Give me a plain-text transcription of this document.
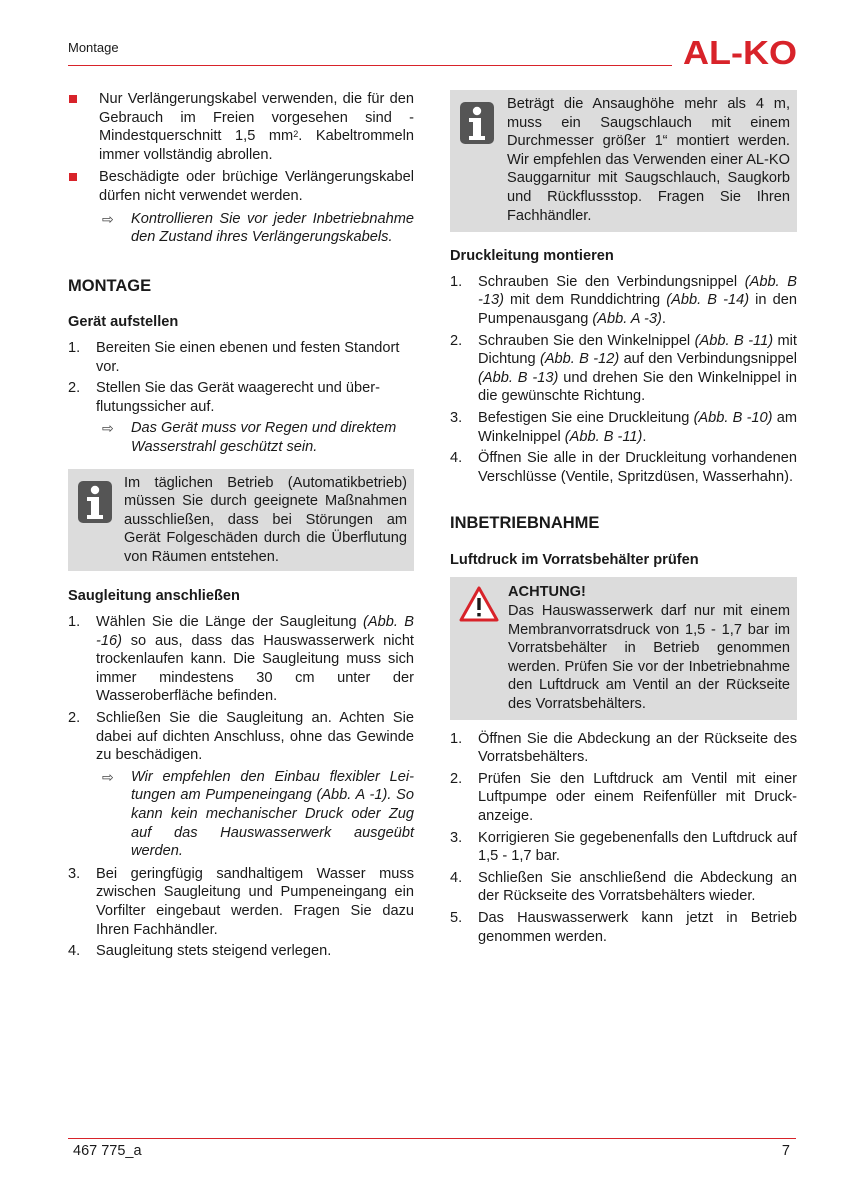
Montage	AL-KO
Nur Verlängerungskabel verwenden, die für den Gebrauch im Freien vorgesehen sind - Mindestquerschnitt 1,5 $mm^2$. Kabeltrommeln immer vollständig abrollen.
Beschädigte oder brüchige Verlängerungskabel dürfen nicht verwendet werden.
⇨ Kontrollieren Sie vor jeder Inbetriebnahme den Zustand ihres Verlängerungskabels.

MONTAGE

Gerät aufstellen

1. Bereiten Sie einen ebenen und festen Standort vor.
2. Stellen Sie das Gerät waagerecht und überflutungssicher auf.
⇨ Das Gerät muss vor Regen und direktem Wasserstrahl geschützt sein.

Im täglichen Betrieb (Automatikbetrieb) müssen Sie durch geeignete Maßnahmen ausschließen, dass bei Störungen am Gerät Folgeschäden durch die Überflutung von Räumen entstehen.

Saugleitung anschließen

1. Wählen Sie die Länge der Saugleitung (Abb. B -16) so aus, dass das Hauswasserwerk nicht trockenlaufen kann. Die Saugleitung muss sich immer mindestens 30 cm unter der Wasseroberfläche befinden.
2. Schließen Sie die Saugleitung an. Achten Sie dabei auf dichten Anschluss, ohne das Gewinde zu beschädigen.
⇨ Wir empfehlen den Einbau flexibler Leitungen am Pumpeneingang (Abb. A -1). So kann kein mechanischer Druck oder Zug auf das Hauswasserwerk ausgeübt werden.
3. Bei geringfügig sandhaltigem Wasser muss zwischen Saugleitung und Pumpeneingang ein Vorfilter eingebaut werden. Fragen Sie dazu Ihren Fachhändler.
4. Saugleitung stets steigend verlegen.

Beträgt die Ansaughöhe mehr als 4 m, muss ein Saugschlauch mit einem Durchmesser größer 1“ montiert werden. Wir empfehlen das Verwenden einer AL-KO Sauggarnitur mit Saugschlauch, Saugkorb und Rückflussstop. Fragen Sie Ihren Fachhändler.

Druckleitung montieren

1. Schrauben Sie den Verbindungsnippel (Abb. B -13) mit dem Runddichtring (Abb. B -14) in den Pumpenausgang (Abb. A -3).
2. Schrauben Sie den Winkelnippel (Abb. B -11) mit Dichtung (Abb. B -12) auf den Verbindungsnippel (Abb. B -13) und drehen Sie den Winkelnippel in die gewünschte Richtung.
3. Befestigen Sie eine Druckleitung (Abb. B -10) am Winkelnippel (Abb. B -11).
4. Öffnen Sie alle in der Druckleitung vorhandenen Verschlüsse (Ventile, Spritzdüsen, Wasserhahn).

INBETRIEBNAHME

Luftdruck im Vorratsbehälter prüfen

ACHTUNG!

Das Hauswasserwerk darf nur mit einem Membranvorratsdruck von 1,5 - 1,7 bar im Vorratsbehälter in Betrieb genommen werden. Prüfen Sie vor der Inbetriebnahme den Luftdruck am Ventil an der Rückseite des Vorratsbehälters.

1. Öffnen Sie die Abdeckung an der Rückseite des Vorratsbehälters.
2. Prüfen Sie den Luftdruck am Ventil mit einer Luftpumpe oder einem Reifenfüller mit Druckanzeige.
3. Korrigieren Sie gegebenenfalls den Luftdruck auf 1,5 - 1,7 bar.
4. Schließen Sie anschließend die Abdeckung an der Rückseite des Vorratsbehälters wieder.
5. Das Hauswasserwerk kann jetzt in Betrieb genommen werden.
467 775_a	7
